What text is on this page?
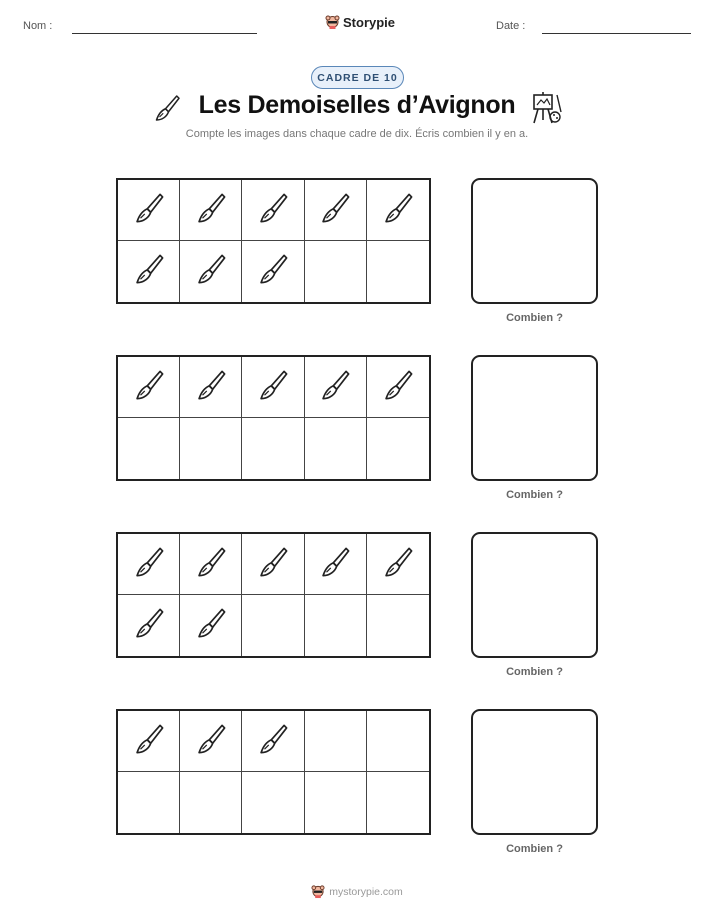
Nom :	Storypie	Date :
CADRE DE 10
Les Demoiselles d’Avignon
Compte les images dans chaque cadre de dix. Écris combien il y en a.
Combien ?
Combien ?
Combien ?
Combien ?
mystorypie.com
